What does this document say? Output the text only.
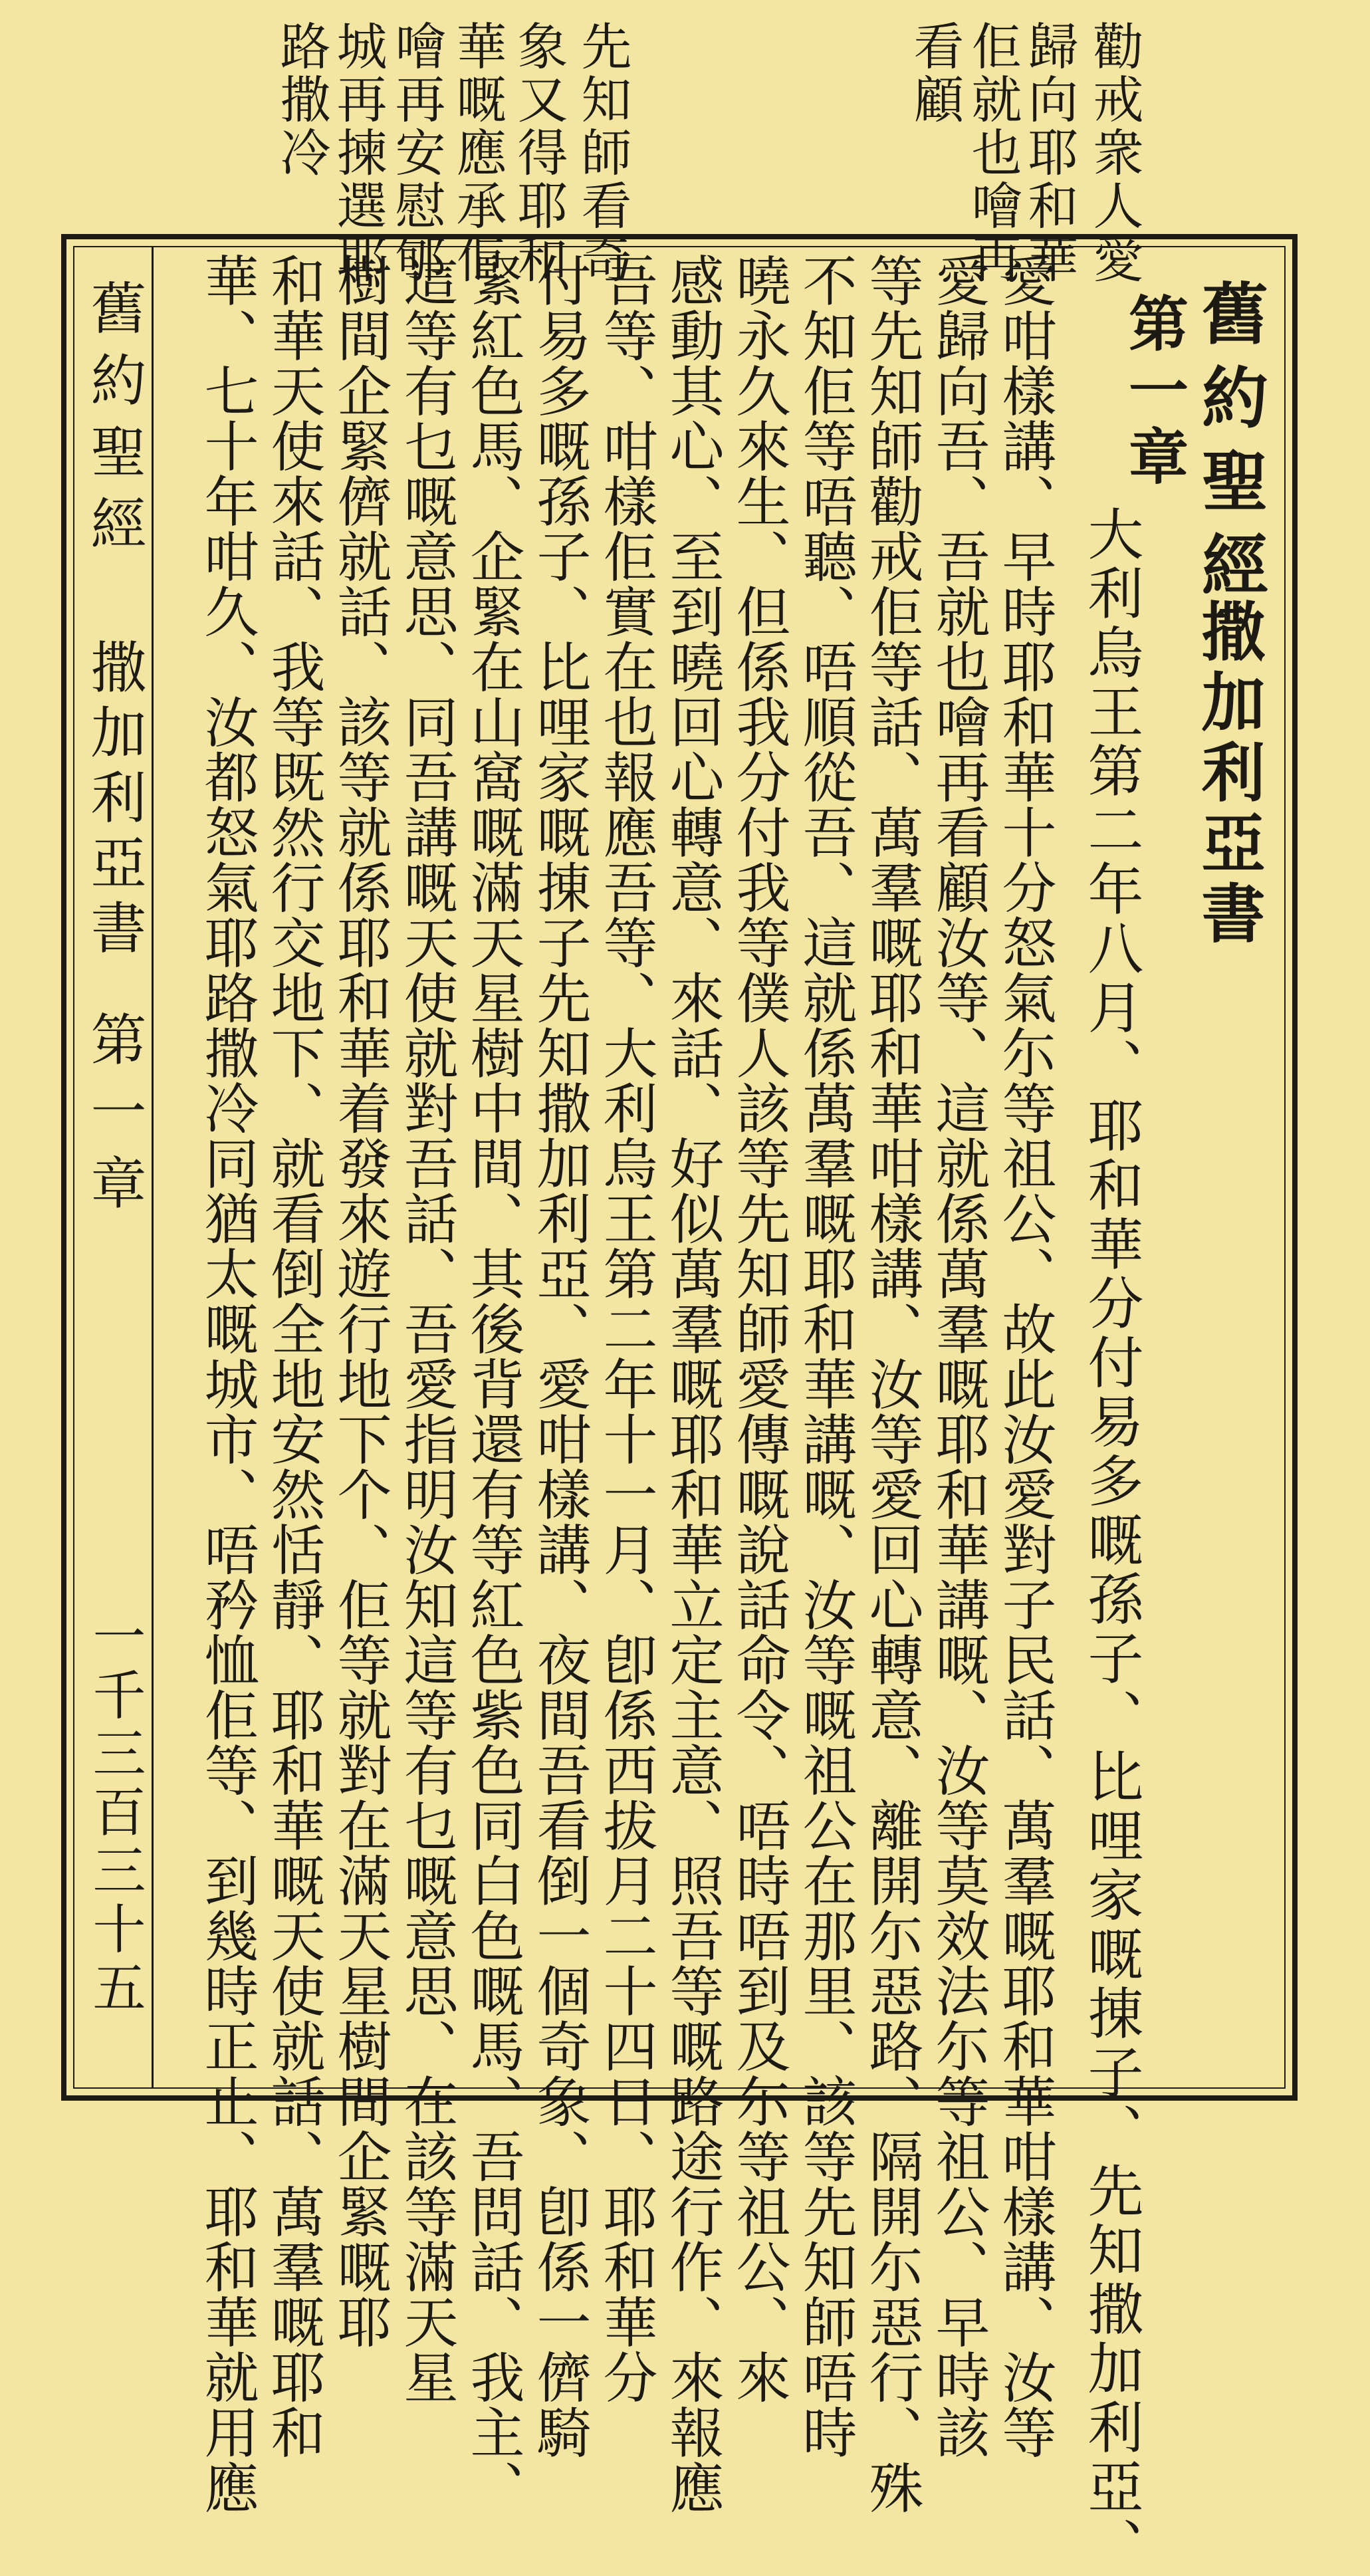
勸戒衆人愛
歸向耶和華
佢就也噲再
看顧
先知師看奇
象又得耶和
華嘅應承佢
噲再安慰郇
城再揀選耶
路撒冷
舊約聖經
第一章
撒加利亞書
大利烏王第二年八月、耶和華分付易多嘅孫子、比哩家嘅㨂子、先知撒加利亞、
愛咁樣講、早時耶和華十分怒氣尓等祖公、故此汝愛對子民話、萬羣嘅耶和華咁樣講、汝等
愛歸向吾、吾就也噲再看顧汝等、這就係萬羣嘅耶和華講嘅、汝等莫效法尓等祖公、早時該
等先知師勸戒佢等話、萬羣嘅耶和華咁樣講、汝等愛回心轉意、離開尓惡路、隔開尓惡行、殊
不知佢等唔聽、唔順從吾、這就係萬羣嘅耶和華講嘅、汝等嘅祖公在那里、該等先知師唔時
曉永久來生、但係我分付我等僕人該等先知師愛傳嘅說話命令、唔時唔到及尓等祖公、來
感動其心、至到曉回心轉意、來話、好似萬羣嘅耶和華立定主意、照吾等嘅路途行作、來報應
吾等、咁樣佢實在也報應吾等、大利烏王第二年十一月、卽係西拔月二十四日、耶和華分
付易多嘅孫子、比哩家嘅㨂子先知撒加利亞、愛咁樣講、夜間吾看倒一個奇象、卽係一儕騎
緊紅色馬、企緊在山窩嘅滿天星樹中間、其後背還有等紅色紫色同白色嘅馬、吾問話、我主、
這等有乜嘅意思、同吾講嘅天使就對吾話、吾愛指明汝知這等有乜嘅意思、在該等滿天星
樹間企緊儕就話、該等就係耶和華着發來遊行地下个、佢等就對在滿天星樹間企緊嘅耶
和華天使來話、我等既然行交地下、就看倒全地安然恬靜、耶和華嘅天使就話、萬羣嘅耶和
華、七十年咁久、汝都怒氣耶路撒冷同猶太嘅城市、唔矜恤佢等、到幾時正止、耶和華就用應
舊約聖經
撒加利亞書
第一章
一千三百三十五
